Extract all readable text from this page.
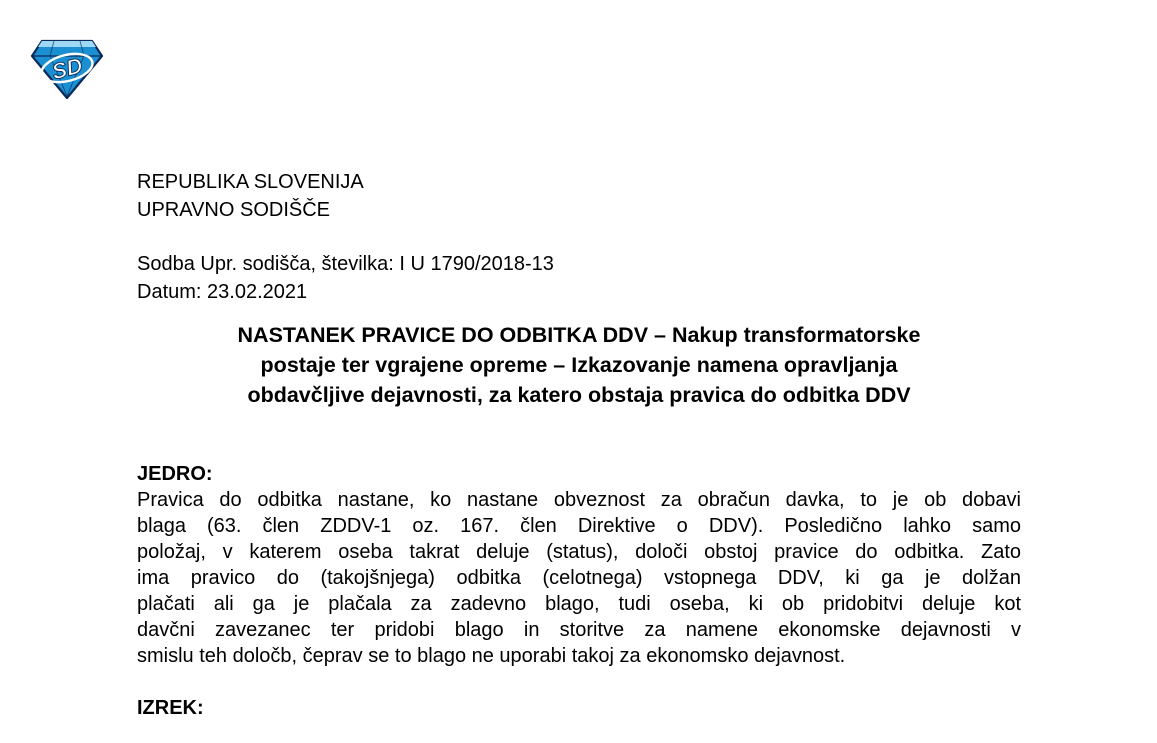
SD
REPUBLIKA SLOVENIJA
UPRAVNO SODIŠČE
Sodba Upr. sodišča, številka: I U 1790/2018-13
Datum: 23.02.2021
NASTANEK PRAVICE DO ODBITKA DDV – Nakup transformatorske
postaje ter vgrajene opreme – Izkazovanje namena opravljanja
obdavčljive dejavnosti, za katero obstaja pravica do odbitka DDV
JEDRO:
Pravica do odbitka nastane, ko nastane obveznost za obračun davka, to je ob dobavi
blaga (63. člen ZDDV-1 oz. 167. člen Direktive o DDV). Posledično lahko samo
položaj, v katerem oseba takrat deluje (status), določi obstoj pravice do odbitka. Zato
ima pravico do (takojšnjega) odbitka (celotnega) vstopnega DDV, ki ga je dolžan
plačati ali ga je plačala za zadevno blago, tudi oseba, ki ob pridobitvi deluje kot
davčni zavezanec ter pridobi blago in storitve za namene ekonomske dejavnosti v
smislu teh določb, čeprav se to blago ne uporabi takoj za ekonomsko dejavnost.
IZREK:
